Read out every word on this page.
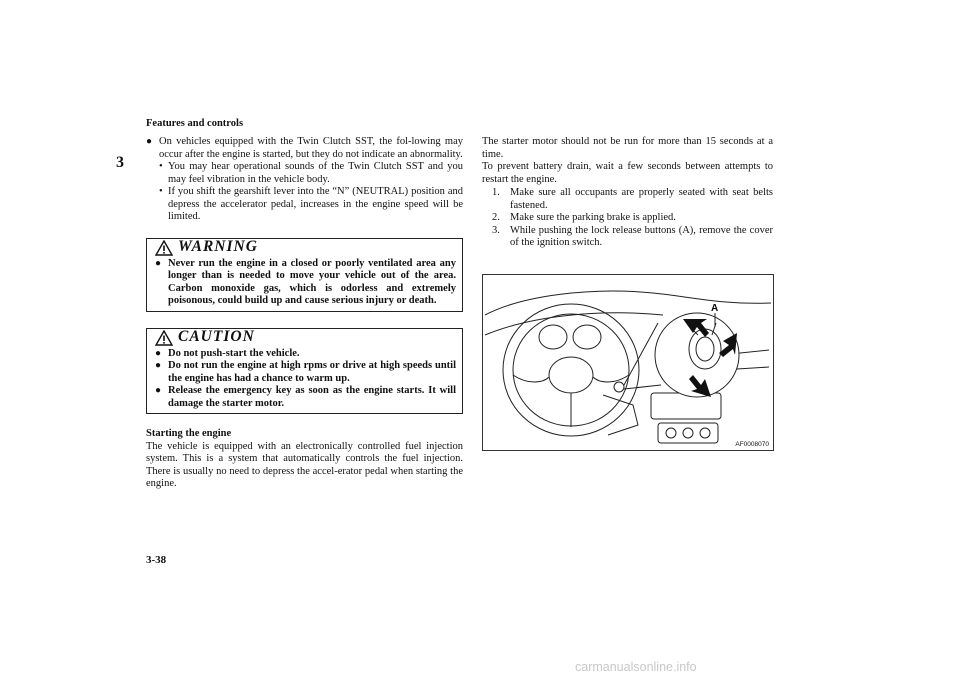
Features and controls
3
● On vehicles equipped with the Twin Clutch SST, the fol-lowing may occur after the engine is started, but they do not indicate an abnormality.
• You may hear operational sounds of the Twin Clutch SST and you may feel vibration in the vehicle body.
• If you shift the gearshift lever into the “N” (NEUTRAL) position and depress the accelerator pedal, increases in the engine speed will be limited.
WARNING
● Never run the engine in a closed or poorly ventilated area any longer than is needed to move your vehicle out of the area. Carbon monoxide gas, which is odorless and extremely poisonous, could build up and cause serious injury or death.
CAUTION
● Do not push-start the vehicle.
● Do not run the engine at high rpms or drive at high speeds until the engine has had a chance to warm up.
● Release the emergency key as soon as the engine starts. It will damage the starter motor.

Starting the engine

The vehicle is equipped with an electronically controlled fuel injection system. This is a system that automatically controls the fuel injection. There is usually no need to depress the accel-erator pedal when starting the engine.

The starter motor should not be run for more than 15 seconds at a time.

To prevent battery drain, wait a few seconds between attempts to restart the engine.

1. Make sure all occupants are properly seated with seat belts fastened.
2. Make sure the parking brake is applied.
3. While pushing the lock release buttons (A), remove the cover of the ignition switch.
A
AF0008070
3-38
carmanualsonline.info
